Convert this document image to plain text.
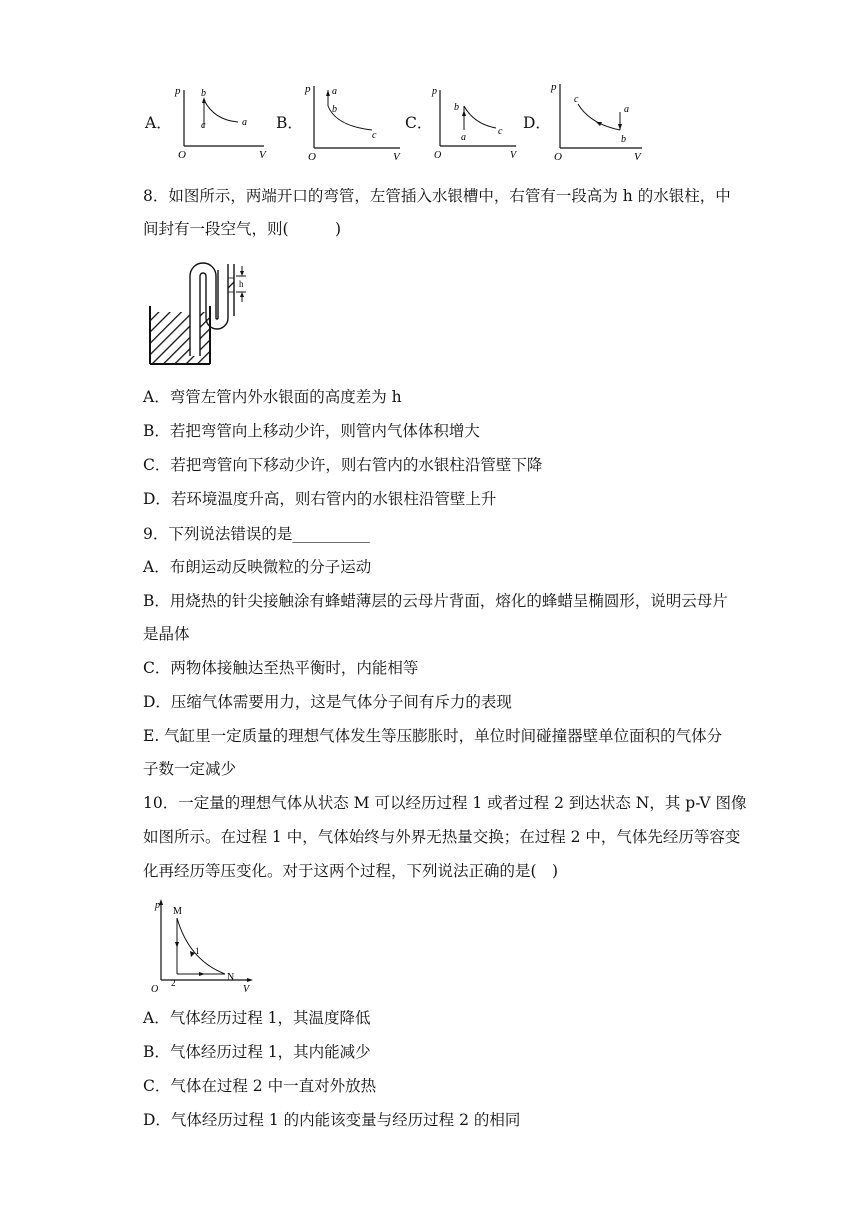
A．
p
O	V
b
c	a B．
p
O	V
a
b
c
C．
p
O	V
b
a
c D．
p
O	V
c
a
b
8．如图所示，两端开口的弯管，左管插入水银槽中，右管有一段高为 h 的水银柱，中
间封有一段空气，则(　　　)
h
A．弯管左管内外水银面的高度差为 h
B．若把弯管向上移动少许，则管内气体体积增大
C．若把弯管向下移动少许，则右管内的水银柱沿管壁下降
D．若环境温度升高，则右管内的水银柱沿管壁上升
9．下列说法错误的是__________
A．布朗运动反映微粒的分子运动
B．用烧热的针尖接触涂有蜂蜡薄层的云母片背面，熔化的蜂蜡呈椭圆形，说明云母片
是晶体
C．两物体接触达至热平衡时，内能相等
D．压缩气体需要用力，这是气体分子间有斥力的表现
E. 气缸里一定质量的理想气体发生等压膨胀时，单位时间碰撞器壁单位面积的气体分
子数一定减少
10．一定量的理想气体从状态 M 可以经历过程 1 或者过程 2 到达状态 N，其 p-V 图像
如图所示。在过程 1 中，气体始终与外界无热量交换；在过程 2 中，气体先经历等容变
化再经历等压变化。对于这两个过程，下列说法正确的是(　)
p
O	V
M
N
1
2
A．气体经历过程 1，其温度降低
B．气体经历过程 1，其内能减少
C．气体在过程 2 中一直对外放热
D．气体经历过程 1 的内能该变量与经历过程 2 的相同
